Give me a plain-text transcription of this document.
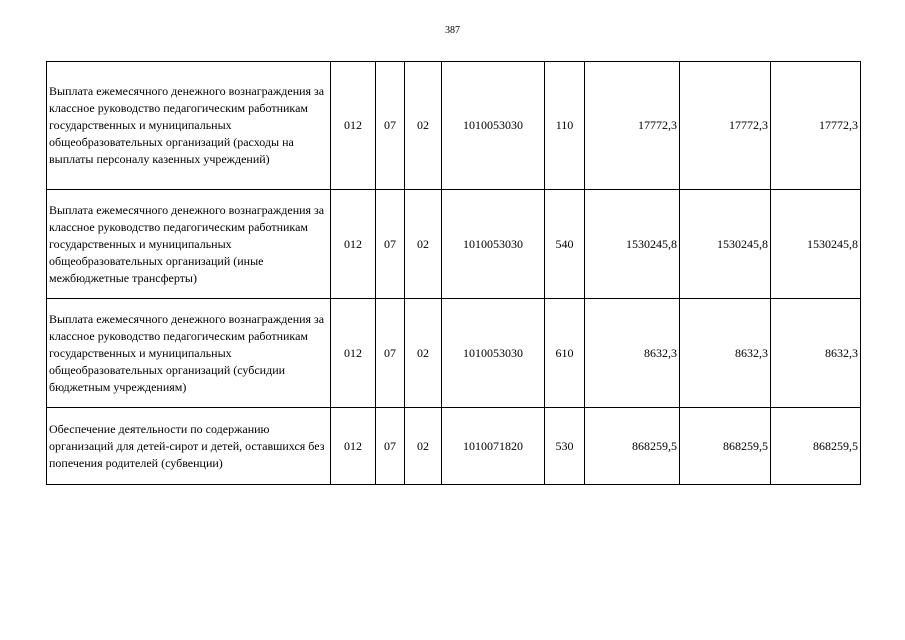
387
Выплата ежемесячного денежного вознаграждения за классное руководство педагогическим работникам государственных и муниципальных общеобразовательных организаций (расходы на выплаты персоналу казенных учреждений)	012	07	02	1010053030	110	17772,3	17772,3	17772,3
Выплата ежемесячного денежного вознаграждения за классное руководство педагогическим работникам государственных и муниципальных общеобразовательных организаций (иные межбюджетные трансферты)	012	07	02	1010053030	540	1530245,8	1530245,8	1530245,8
Выплата ежемесячного денежного вознаграждения за классное руководство педагогическим работникам государственных и муниципальных общеобразовательных организаций (субсидии бюджетным учреждениям)	012	07	02	1010053030	610	8632,3	8632,3	8632,3
Обеспечение деятельности по содержанию организаций для детей-сирот и детей, оставшихся без попечения родителей (субвенции)	012	07	02	1010071820	530	868259,5	868259,5	868259,5
